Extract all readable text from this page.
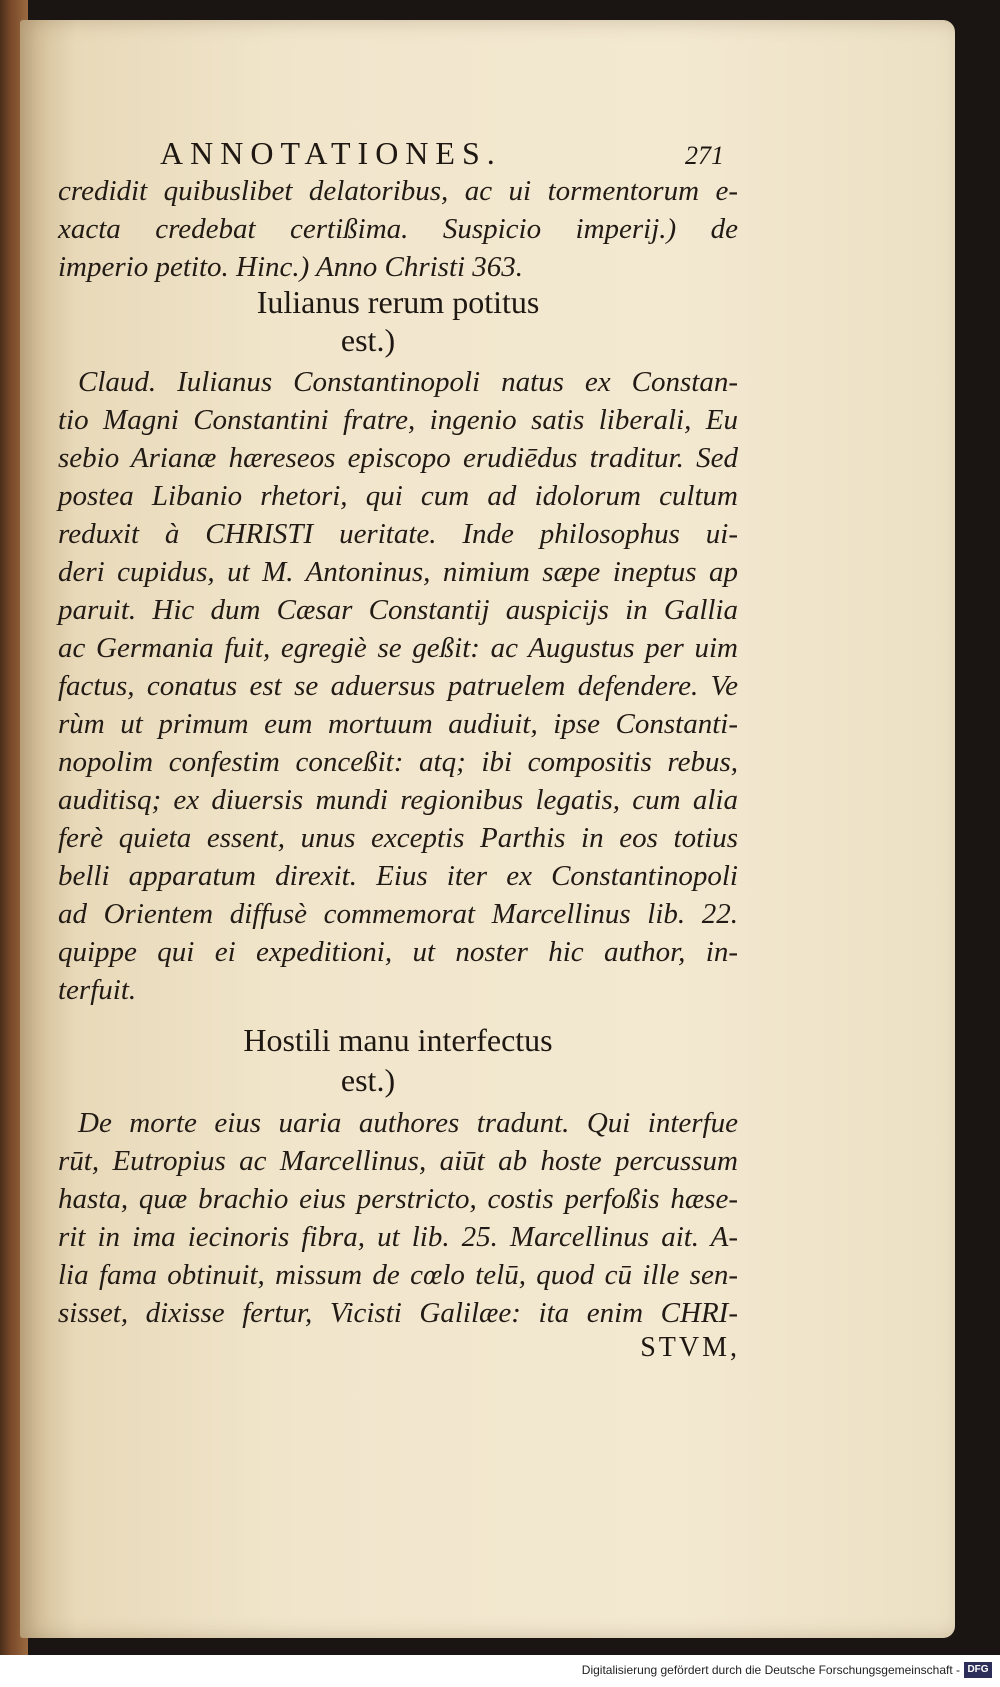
ANNOTATIONES.	271
credidit quibuslibet delatoribus, ac ui tormentorum e-
xacta credebat certißima. Suspicio imperij.) de
imperio petito. Hinc.) Anno Christi 363.
Iulianus rerum potitus
est.)
Claud. Iulianus Constantinopoli natus ex Constan-
tio Magni Constantini fratre, ingenio satis liberali, Eu
sebio Arianæ hæreseos episcopo erudiēdus traditur. Sed
postea Libanio rhetori, qui cum ad idolorum cultum
reduxit à CHRISTI ueritate. Inde philosophus ui-
deri cupidus, ut M. Antoninus, nimium sæpe ineptus ap
paruit. Hic dum Cæsar Constantij auspicijs in Gallia
ac Germania fuit, egregiè se geßit: ac Augustus per uim
factus, conatus est se aduersus patruelem defendere. Ve
rùm ut primum eum mortuum audiuit, ipse Constanti-
nopolim confestim conceßit: atq; ibi compositis rebus,
auditisq; ex diuersis mundi regionibus legatis, cum alia
ferè quieta essent, unus exceptis Parthis in eos totius
belli apparatum direxit. Eius iter ex Constantinopoli
ad Orientem diffusè commemorat Marcellinus lib. 22.
quippe qui ei expeditioni, ut noster hic author, in-
terfuit.
Hostili manu interfectus
est.)
De morte eius uaria authores tradunt. Qui interfue
rūt, Eutropius ac Marcellinus, aiūt ab hoste percussum
hasta, quæ brachio eius perstricto, costis perfoßis hæse-
rit in ima iecinoris fibra, ut lib. 25. Marcellinus ait. A-
lia fama obtinuit, missum de cœlo telū, quod cū ille sen-
sisset, dixisse fertur, Vicisti Galilæe: ita enim CHRI-
STVM,
Digitalisierung gefördert durch die Deutsche Forschungsgemeinschaft - DFG
